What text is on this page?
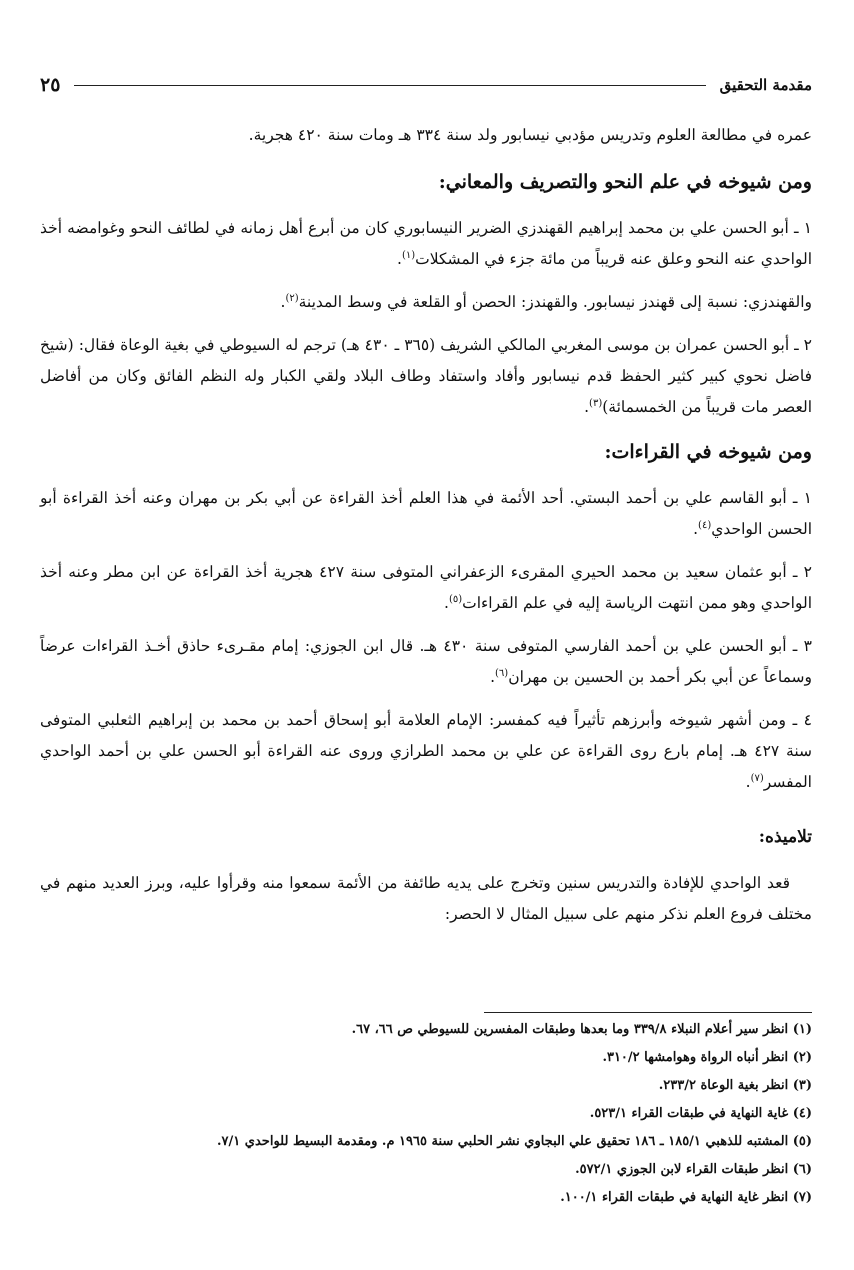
مقدمة التحقيق
٢٥

عمره في مطالعة العلوم وتدريس مؤدبي نيسابور ولد سنة ٣٣٤ هـ ومات سنة ٤٢٠ هجرية.

ومن شيوخه في علم النحو والتصريف والمعاني:

١ ـ أبو الحسن علي بن محمد إبراهيم القهندزي الضرير النيسابوري كان من أبرع أهل زمانه في لطائف النحو وغوامضه أخذ الواحدي عنه النحو وعلق عنه قريباً من مائة جزء في المشكلات$^{(١)}$.

والقهندزي: نسبة إلى قهندز نيسابور. والقهندز: الحصن أو القلعة في وسط المدينة$^{(٢)}$.

٢ ـ أبو الحسن عمران بن موسى المغربي المالكي الشريف (٣٦٥ ـ ٤٣٠ هـ) ترجم له السيوطي في بغية الوعاة فقال: (شيخ فاضل نحوي كبير كثير الحفظ قدم نيسابور وأفاد واستفاد وطاف البلاد ولقي الكبار وله النظم الفائق وكان من أفاضل العصر مات قريباً من الخمسمائة)$^{(٣)}$.

ومن شيوخه في القراءات:

١ ـ أبو القاسم علي بن أحمد البستي. أحد الأئمة في هذا العلم أخذ القراءة عن أبي بكر بن مهران وعنه أخذ القراءة أبو الحسن الواحدي$^{(٤)}$.

٢ ـ أبو عثمان سعيد بن محمد الحيري المقرىء الزعفراني المتوفى سنة ٤٢٧ هجرية أخذ القراءة عن ابن مطر وعنه أخذ الواحدي وهو ممن انتهت الرياسة إليه في علم القراءات$^{(٥)}$.

٣ ـ أبو الحسن علي بن أحمد الفارسي المتوفى سنة ٤٣٠ هـ. قال ابن الجوزي: إمام مقـرىء حاذق أخـذ القراءات عرضاً وسماعاً عن أبي بكر أحمد بن الحسين بن مهران$^{(٦)}$.

٤ ـ ومن أشهر شيوخه وأبرزهم تأثيراً فيه كمفسر: الإمام العلامة أبو إسحاق أحمد بن محمد بن إبراهيم الثعلبي المتوفى سنة ٤٢٧ هـ. إمام بارع روى القراءة عن علي بن محمد الطرازي وروى عنه القراءة أبو الحسن علي بن أحمد الواحدي المفسر$^{(٧)}$.

تلاميذه:

قعد الواحدي للإفادة والتدريس سنين وتخرج على يديه طائفة من الأئمة سمعوا منه وقرأوا عليه، وبرز العديد منهم في مختلف فروع العلم نذكر منهم على سبيل المثال لا الحصر:

(١) انظر سير أعلام النبلاء ٣٣٩/٨ وما بعدها وطبقات المفسرين للسيوطي ص ٦٦، ٦٧.
(٢) انظر أنباه الرواة وهوامشها ٣١٠/٢.
(٣) انظر بغية الوعاة ٢٣٣/٢.
(٤) غاية النهاية في طبقات القراء ٥٢٣/١.
(٥) المشتبه للذهبي ١٨٥/١ ـ ١٨٦ تحقيق علي البجاوي نشر الحلبي سنة ١٩٦٥ م. ومقدمة البسيط للواحدي ٧/١.
(٦) انظر طبقات القراء لابن الجوزي ٥٧٢/١.
(٧) انظر غاية النهاية في طبقات القراء ١٠٠/١.
